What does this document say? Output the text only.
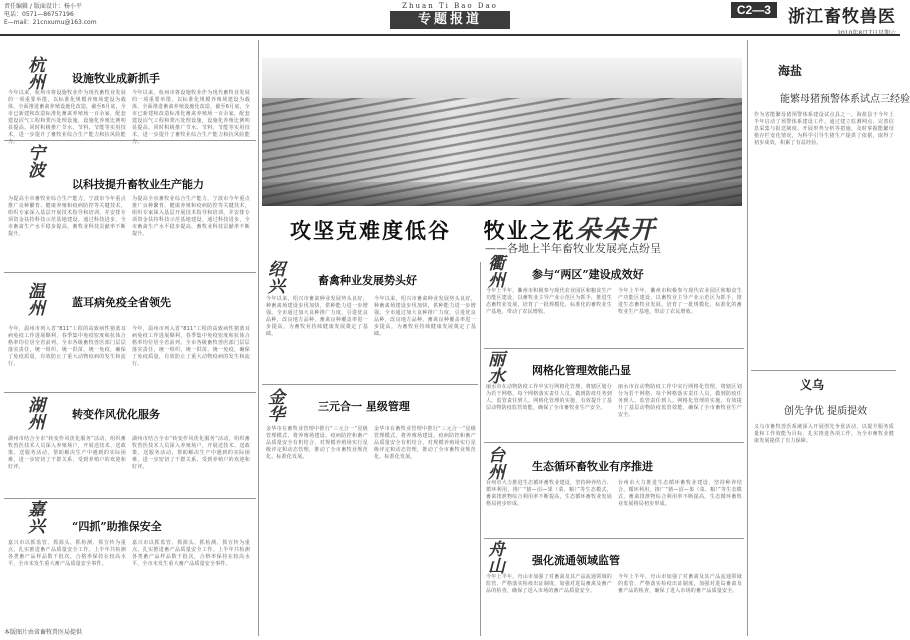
责任编辑 / 版面设计：杨小平
电话：0571—86757196
E—mail：21cnxumu@163.com
Zhuan Ti Bao Dao
专题报道
C2—3 浙江畜牧兽医
2010年8月7日星期六
杭
州 设施牧业成新抓手
今年以来，杭州市将设施牧业作为现代畜牧业发展的一项重要举措，以标准化规模养殖场建设为载体，全面推进畜禽养殖设施化改造。截至6月底，全市已新建和改造标准化畜禽养殖场一百余家，配套建设沼气工程和粪污处理设施，设施化养殖比例明显提高。同时积极推广节水、节料、节能等实用技术，进一步提升了畜牧业综合生产能力和抗风险能力。
今年以来，杭州市将设施牧业作为现代畜牧业发展的一项重要举措，以标准化规模养殖场建设为载体，全面推进畜禽养殖设施化改造。截至6月底，全市已新建和改造标准化畜禽养殖场一百余家，配套建设沼气工程和粪污处理设施，设施化养殖比例明显提高。同时积极推广节水、节料、节能等实用技术，进一步提升了畜牧业综合生产能力和抗风险能力。
宁
波
以科技提升畜牧业生产能力
为提高全市畜牧业综合生产能力，宁波市今年重点推广良种繁育、健康养殖和疫病防控等关键技术，组织专家深入基层开展技术指导和培训，并安排专项资金扶持科技示范基地建设。通过科技进步，全市畜禽生产水平稳步提高，畜牧业科技贡献率不断提升。
为提高全市畜牧业综合生产能力，宁波市今年重点推广良种繁育、健康养殖和疫病防控等关键技术，组织专家深入基层开展技术指导和培训，并安排专项资金扶持科技示范基地建设。通过科技进步，全市畜禽生产水平稳步提高，畜牧业科技贡献率不断提升。
温
州 蓝耳病免疫全省领先
今年，温州市列入省“811”工程的高致病性猪蓝耳病免疫工作进展顺利，春季集中免疫密度和抗体合格率均位居全省前列。全市各级畜牧兽医部门层层落实责任，统一组织、统一供苗、统一免疫，确保了免疫质量，有效防止了重大动物疫病的发生和流行。
今年，温州市列入省“811”工程的高致病性猪蓝耳病免疫工作进展顺利，春季集中免疫密度和抗体合格率均位居全省前列。全市各级畜牧兽医部门层层落实责任，统一组织、统一供苗、统一免疫，确保了免疫质量，有效防止了重大动物疫病的发生和流行。
湖
州 转变作风优化服务
湖州市结合全市“转变作风优化服务”活动，组织畜牧兽医技术人员深入养殖场户，开展送技术、送政策、送服务活动，帮助解决生产中遇到的实际困难，进一步密切了干群关系，受到养殖户的欢迎和好评。
湖州市结合全市“转变作风优化服务”活动，组织畜牧兽医技术人员深入养殖场户，开展送技术、送政策、送服务活动，帮助解决生产中遇到的实际困难，进一步密切了干群关系，受到养殖户的欢迎和好评。
嘉
兴 “四抓”助推保安全
嘉兴市以抓监管、抓源头、抓检测、抓宣传为重点，扎实推进畜产品质量安全工作。上半年共检测各类畜产品样品数千批次，合格率保持在较高水平，全市未发生重大畜产品质量安全事件。
嘉兴市以抓监管、抓源头、抓检测、抓宣传为重点，扎实推进畜产品质量安全工作。上半年共检测各类畜产品样品数千批次，合格率保持在较高水平，全市未发生重大畜产品质量安全事件。
本版图片由省畜牧兽医局提供
攻坚克难度低谷 牧业之花朵朵开
——各地上半年畜牧业发展亮点纷呈
绍
兴	畜禽种业发展势头好
今年以来，绍兴市畜禽种业发展势头良好，种畜禽场建设步伐加快，供种能力进一步增强。全市通过加大良种推广力度，引进优良品种，改良地方品种，畜禽良种覆盖率进一步提高，为畜牧业持续健康发展奠定了基础。
今年以来，绍兴市畜禽种业发展势头良好，种畜禽场建设步伐加快，供种能力进一步增强。全市通过加大良种推广力度，引进优良品种，改良地方品种，畜禽良种覆盖率进一步提高，为畜牧业持续健康发展奠定了基础。
金
华	三元合一 星级管理
金华市在畜牧业管理中推行“三元合一”星级管理模式，将养殖场建设、疫病防控和畜产品质量安全有机结合，对规模养殖场实行星级评定和动态管理，推动了全市畜牧业规范化、标准化发展。
金华市在畜牧业管理中推行“三元合一”星级管理模式，将养殖场建设、疫病防控和畜产品质量安全有机结合，对规模养殖场实行星级评定和动态管理，推动了全市畜牧业规范化、标准化发展。
衢
州 参与“两区”建设成效好
今年上半年，衢州市积极参与现代农业园区和粮食生产功能区建设，以畜牧业主导产业示范区为抓手，推进生态畜牧业发展，培育了一批规模化、标准化的畜牧业生产基地，带动了农民增收。
今年上半年，衢州市积极参与现代农业园区和粮食生产功能区建设，以畜牧业主导产业示范区为抓手，推进生态畜牧业发展，培育了一批规模化、标准化的畜牧业生产基地，带动了农民增收。
丽
水 网格化管理效能凸显
丽水市在动物防疫工作中实行网格化管理，将辖区划分为若干网格，每个网格落实责任人员，做到防疫任务到人、监管责任到人。网格化管理的实施，有效提升了基层动物防疫监管效能，确保了全市畜牧业生产安全。
丽水市在动物防疫工作中实行网格化管理，将辖区划分为若干网格，每个网格落实责任人员，做到防疫任务到人、监管责任到人。网格化管理的实施，有效提升了基层动物防疫监管效能，确保了全市畜牧业生产安全。
台
州 生态循环畜牧业有序推进
台州市大力推进生态循环畜牧业建设，坚持种养结合、循环利用，推广“猪—沼—果（菜、粮）”等生态模式，畜禽排泄物综合利用率不断提高，生态循环畜牧业发展格局初步形成。
台州市大力推进生态循环畜牧业建设，坚持种养结合、循环利用，推广“猪—沼—果（菜、粮）”等生态模式，畜禽排泄物综合利用率不断提高，生态循环畜牧业发展格局初步形成。
舟
山 强化流通领域监管
今年上半年，舟山市加强了对畜禽及其产品流通领域的监管，严格落实检疫出证制度，加强对进岛畜禽及畜产品的检查，确保了进入市场的畜产品质量安全。
今年上半年，舟山市加强了对畜禽及其产品流通领域的监管，严格落实检疫出证制度，加强对进岛畜禽及畜产品的检查，确保了进入市场的畜产品质量安全。
海盐
能繁母猪预警体系试点三经验
作为省能繁母猪预警体系建设试点县之一，海盐县于今年上半年启动了预警体系建设工作。通过建立监测网点、完善信息采集与报送制度、开展形势分析等措施，及时掌握能繁母猪存栏变化情况，为科学引导生猪生产提供了依据，取得了初步成效，积累了有益经验。
义乌
创先争优 提质提效
义乌市畜牧兽医系统深入开展创先争优活动，以提升服务质量和工作效能为目标，扎实推进各项工作，为全市畜牧业健康发展提供了有力保障。
